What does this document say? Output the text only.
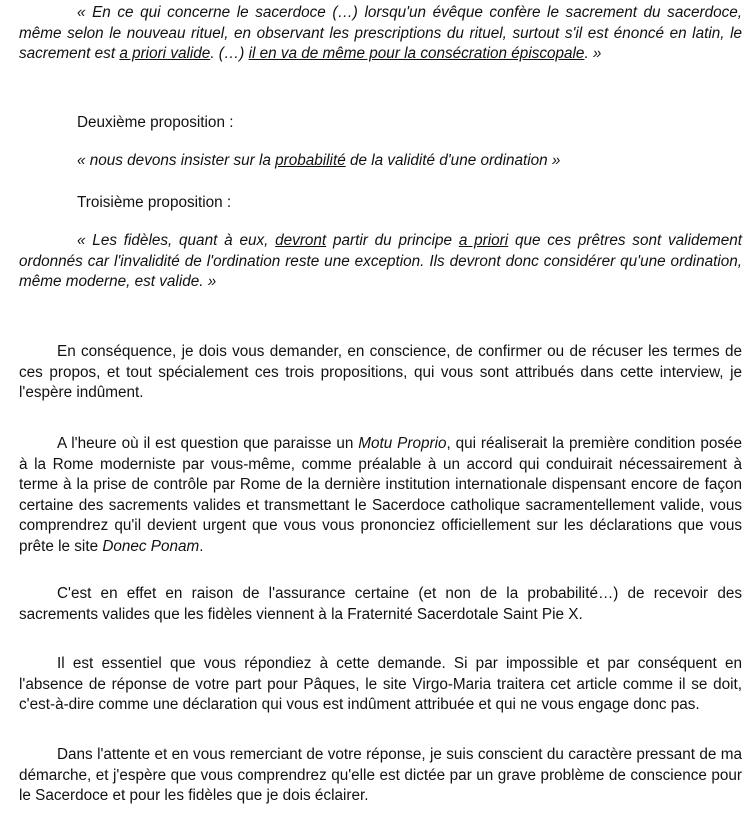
« En ce qui concerne le sacerdoce (…) lorsqu'un évêque confère le sacrement du sacerdoce, même selon le nouveau rituel, en observant les prescriptions du rituel, surtout s'il est énoncé en latin, le sacrement est a priori valide. (…) il en va de même pour la consécration épiscopale. »

Deuxième proposition :

« nous devons insister sur la probabilité de la validité d'une ordination »

Troisième proposition :

« Les fidèles, quant à eux, devront partir du principe a priori que ces prêtres sont validement ordonnés car l'invalidité de l'ordination reste une exception. Ils devront donc considérer qu'une ordination, même moderne, est valide. »

En conséquence, je dois vous demander, en conscience, de confirmer ou de récuser les termes de ces propos, et tout spécialement ces trois propositions, qui vous sont attribués dans cette interview, je l'espère indûment.

A l'heure où il est question que paraisse un Motu Proprio, qui réaliserait la première condition posée à la Rome moderniste par vous-même, comme préalable à un accord qui conduirait nécessairement à terme à la prise de contrôle par Rome de la dernière institution internationale dispensant encore de façon certaine des sacrements valides et transmettant le Sacerdoce catholique sacramentellement valide, vous comprendrez qu'il devient urgent que vous vous prononciez officiellement sur les déclarations que vous prête le site Donec Ponam.

C'est en effet en raison de l'assurance certaine (et non de la probabilité…) de recevoir des sacrements valides que les fidèles viennent à la Fraternité Sacerdotale Saint Pie X.

Il est essentiel que vous répondiez à cette demande. Si par impossible et par conséquent en l'absence de réponse de votre part pour Pâques, le site Virgo-Maria traitera cet article comme il se doit, c'est-à-dire comme une déclaration qui vous est indûment attribuée et qui ne vous engage donc pas.

Dans l'attente et en vous remerciant de votre réponse, je suis conscient du caractère pressant de ma démarche, et j'espère que vous comprendrez qu'elle est dictée par un grave problème de conscience pour le Sacerdoce et pour les fidèles que je dois éclairer.
